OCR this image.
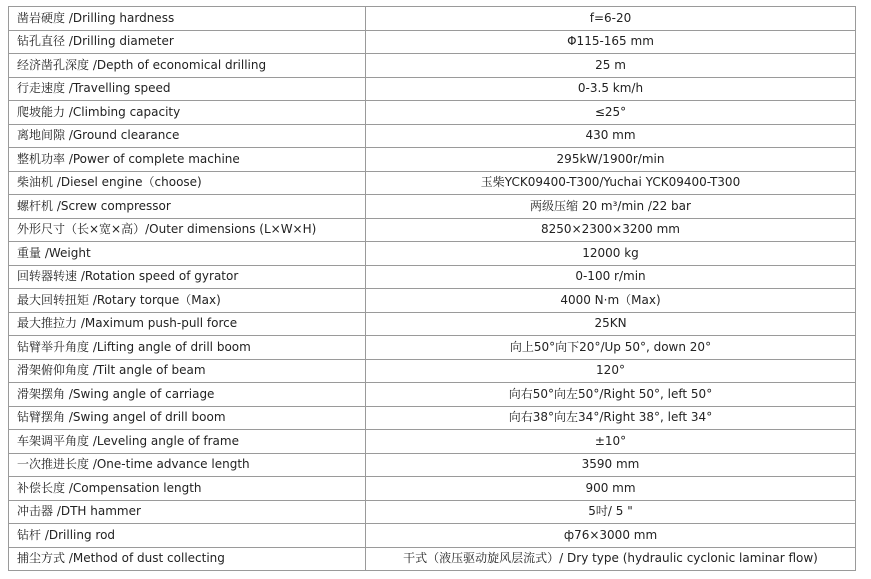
凿岩硬度 /Drilling hardness	f=6-20
钻孔直径 /Drilling diameter	Φ115-165 mm
经济凿孔深度 /Depth of economical drilling	25 m
行走速度 /Travelling speed	0-3.5 km/h
爬坡能力 /Climbing capacity	≤25°
离地间隙 /Ground clearance	430 mm
整机功率 /Power of complete machine	295kW/1900r/min
柴油机 /Diesel engine（choose)	玉柴YCK09400-T300/Yuchai YCK09400-T300
螺杆机 /Screw compressor	两级压缩 20 m³/min /22 bar
外形尺寸（长×宽×高）/Outer dimensions (L×W×H)	8250×2300×3200 mm
重量 /Weight	12000 kg
回转器转速 /Rotation speed of gyrator	0-100 r/min
最大回转扭矩 /Rotary torque（Max)	4000 N·m（Max)
最大推拉力 /Maximum push-pull force	25KN
钻臂举升角度 /Lifting angle of drill boom	向上50°向下20°/Up 50°, down 20°
滑架俯仰角度 /Tilt angle of beam	120°
滑架摆角 /Swing angle of carriage	向右50°向左50°/Right 50°, left 50°
钻臂摆角 /Swing angel of drill boom	向右38°向左34°/Right 38°, left 34°
车架调平角度 /Leveling angle of frame	±10°
一次推进长度 /One-time advance length	3590 mm
补偿长度 /Compensation length	900 mm
冲击器 /DTH hammer	5吋/ 5 "
钻杆 /Drilling rod	ф76×3000 mm
捕尘方式 /Method of dust collecting	干式（液压驱动旋风层流式）/ Dry type (hydraulic cyclonic laminar flow)
